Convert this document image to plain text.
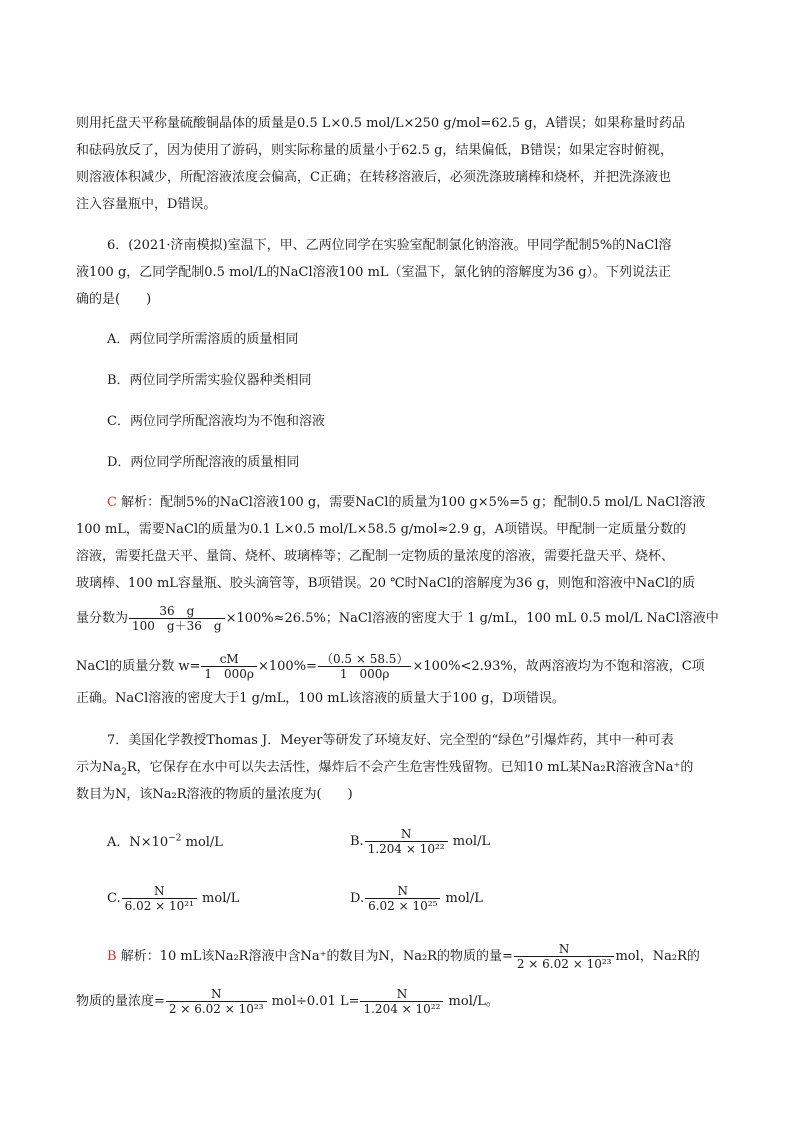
则用托盘天平称量硫酸铜晶体的质量是0.5 L×0.5 mol/L×250 g/mol=62.5 g，A错误；如果称量时药品
和砝码放反了，因为使用了游码，则实际称量的质量小于62.5 g，结果偏低，B错误；如果定容时俯视，
则溶液体积减少，所配溶液浓度会偏高，C正确；在转移溶液后，必须洗涤玻璃棒和烧杯，并把洗涤液也
注入容量瓶中，D错误。
6．(2021·济南模拟)室温下，甲、乙两位同学在实验室配制氯化钠溶液。甲同学配制5%的NaCl溶
液100 g，乙同学配制0.5 mol/L的NaCl溶液100 mL（室温下，氯化钠的溶解度为36 g）。下列说法正
确的是(　　)
A．两位同学所需溶质的质量相同
B．两位同学所需实验仪器种类相同
C．两位同学所配溶液均为不饱和溶液
D．两位同学所配溶液的质量相同
C 解析：配制5%的NaCl溶液100 g，需要NaCl的质量为100 g×5%=5 g；配制0.5 mol/L NaCl溶液
100 mL，需要NaCl的质量为0.1 L×0.5 mol/L×58.5 g/mol≈2.9 g，A项错误。甲配制一定质量分数的
溶液，需要托盘天平、量筒、烧杯、玻璃棒等；乙配制一定物质的量浓度的溶液，需要托盘天平、烧杯、
玻璃棒、100 mL容量瓶、胶头滴管等，B项错误。20 ℃时NaCl的溶解度为36 g，则饱和溶液中NaCl的质
量分数为 $\frac{36 g}{100 g+36 g} \times 100\%\approx 26.5\%$；NaCl溶液的密度大于 1 g/mL，100 mL 0.5 mol/L NaCl溶液中
NaCl的质量分数 $w= \frac{cM}{1 000\rho} \times 100\%= \frac{(0.5 \times 58.5)}{1 000\rho} \times 100\%<2.93\%$，故两溶液均为不饱和溶液，C项
正确。NaCl溶液的密度大于1 g/mL，100 mL该溶液的质量大于100 g，D项错误。
7．美国化学教授Thomas J．Meyer等研发了环境友好、完全型的“绿色”引爆炸药，其中一种可表
示为$Na_2R$，它保存在水中可以失去活性，爆炸后不会产生危害性残留物。已知10 mL某Na₂R溶液含Na⁺的
数目为N，该Na₂R溶液的物质的量浓度为(　　)
A．$N\times 10^{-2}$ mol/L	B. $\frac{N}{\text{1.204 × 10²²}} mol/L$
C. $\frac{N}{\text{6.02 × 10²¹}} mol/L$	D. $\frac{N}{\text{6.02 × 10²⁵}} mol/L$
B 解析：10 mL该Na₂R溶液中含Na⁺的数目为N，Na₂R的物质的量= $\frac{N}{\text{2 × 6.02 × 10²³}}$ mol，Na₂R的
物质的量浓度= $\frac{N}{\text{2 × 6.02 × 10²³}} mol\div 0.01$ $L= \frac{N}{\text{1.204 × 10²²}} mol/L$。
